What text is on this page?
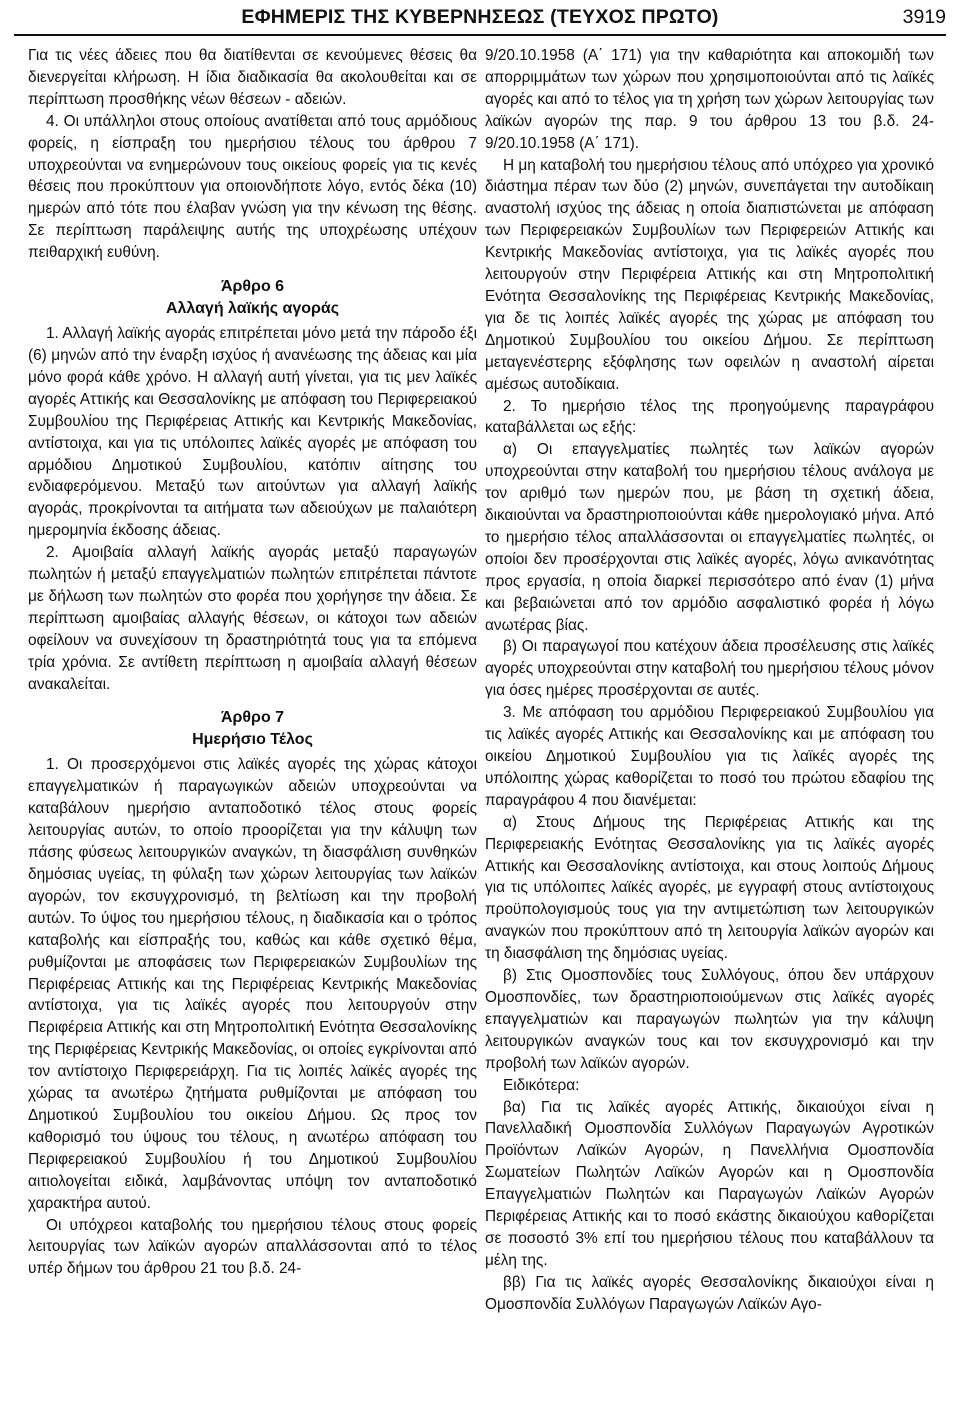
ΕΦΗΜΕΡΙΣ ΤΗΣ ΚΥΒΕΡΝΗΣΕΩΣ (ΤΕΥΧΟΣ ΠΡΩΤΟ)	3919

Για τις νέες άδειες που θα διατίθενται σε κενούμενες θέσεις θα διενεργείται κλήρωση. Η ίδια διαδικασία θα ακολουθείται και σε περίπτωση προσθήκης νέων θέσεων - αδειών.

4. Οι υπάλληλοι στους οποίους ανατίθεται από τους αρμόδιους φορείς, η είσπραξη του ημερήσιου τέλους του άρθρου 7 υποχρεούνται να ενημερώνουν τους οικείους φορείς για τις κενές θέσεις που προκύπτουν για οποιονδήποτε λόγο, εντός δέκα (10) ημερών από τότε που έλαβαν γνώση για την κένωση της θέσης. Σε περίπτωση παράλειψης αυτής της υποχρέωσης υπέχουν πειθαρχική ευθύνη.

Άρθρο 6
Αλλαγή λαϊκής αγοράς

1. Αλλαγή λαϊκής αγοράς επιτρέπεται μόνο μετά την πάροδο έξι (6) μηνών από την έναρξη ισχύος ή ανανέωσης της άδειας και μία μόνο φορά κάθε χρόνο. Η αλλαγή αυτή γίνεται, για τις μεν λαϊκές αγορές Αττικής και Θεσσαλονίκης με απόφαση του Περιφερειακού Συμβουλίου της Περιφέρειας Αττικής και Κεντρικής Μακεδονίας, αντίστοιχα, και για τις υπόλοιπες λαϊκές αγορές με απόφαση του αρμόδιου Δημοτικού Συμβουλίου, κατόπιν αίτησης του ενδιαφερόμενου. Μεταξύ των αιτούντων για αλλαγή λαϊκής αγοράς, προκρίνονται τα αιτήματα των αδειούχων με παλαιότερη ημερομηνία έκδοσης άδειας.

2. Αμοιβαία αλλαγή λαϊκής αγοράς μεταξύ παραγωγών πωλητών ή μεταξύ επαγγελματιών πωλητών επιτρέπεται πάντοτε με δήλωση των πωλητών στο φορέα που χορήγησε την άδεια. Σε περίπτωση αμοιβαίας αλλαγής θέσεων, οι κάτοχοι των αδειών οφείλουν να συνεχίσουν τη δραστηριότητά τους για τα επόμενα τρία χρόνια. Σε αντίθετη περίπτωση η αμοιβαία αλλαγή θέσεων ανακαλείται.

Άρθρο 7
Ημερήσιο Τέλος

1. Οι προσερχόμενοι στις λαϊκές αγορές της χώρας κάτοχοι επαγγελματικών ή παραγωγικών αδειών υποχρεούνται να καταβάλουν ημερήσιο ανταποδοτικό τέλος στους φορείς λειτουργίας αυτών, το οποίο προορίζεται για την κάλυψη των πάσης φύσεως λειτουργικών αναγκών, τη διασφάλιση συνθηκών δημόσιας υγείας, τη φύλαξη των χώρων λειτουργίας των λαϊκών αγορών, τον εκσυγχρονισμό, τη βελτίωση και την προβολή αυτών. Το ύψος του ημερήσιου τέλους, η διαδικασία και ο τρόπος καταβολής και είσπραξής του, καθώς και κάθε σχετικό θέμα, ρυθμίζονται με αποφάσεις των Περιφερειακών Συμβουλίων της Περιφέρειας Αττικής και της Περιφέρειας Κεντρικής Μακεδονίας αντίστοιχα, για τις λαϊκές αγορές που λειτουργούν στην Περιφέρεια Αττικής και στη Μητροπολιτική Ενότητα Θεσσαλονίκης της Περιφέρειας Κεντρικής Μακεδονίας, οι οποίες εγκρίνονται από τον αντίστοιχο Περιφερειάρχη. Για τις λοιπές λαϊκές αγορές της χώρας τα ανωτέρω ζητήματα ρυθμίζονται με απόφαση του Δημοτικού Συμβουλίου του οικείου Δήμου. Ως προς τον καθορισμό του ύψους του τέλους, η ανωτέρω απόφαση του Περιφερειακού Συμβουλίου ή του Δημοτικού Συμβουλίου αιτιολογείται ειδικά, λαμβάνοντας υπόψη τον ανταποδοτικό χαρακτήρα αυτού.

Οι υπόχρεοι καταβολής του ημερήσιου τέλους στους φορείς λειτουργίας των λαϊκών αγορών απαλλάσσονται από το τέλος υπέρ δήμων του άρθρου 21 του β.δ. 24-

9/20.10.1958 (Α΄ 171) για την καθαριότητα και αποκομιδή των απορριμμάτων των χώρων που χρησιμοποιούνται από τις λαϊκές αγορές και από το τέλος για τη χρήση των χώρων λειτουργίας των λαϊκών αγορών της παρ. 9 του άρθρου 13 του β.δ. 24-9/20.10.1958 (Α΄ 171).

Η μη καταβολή του ημερήσιου τέλους από υπόχρεο για χρονικό διάστημα πέραν των δύο (2) μηνών, συνεπάγεται την αυτοδίκαιη αναστολή ισχύος της άδειας η οποία διαπιστώνεται με απόφαση των Περιφερειακών Συμβουλίων των Περιφερειών Αττικής και Κεντρικής Μακεδονίας αντίστοιχα, για τις λαϊκές αγορές που λειτουργούν στην Περιφέρεια Αττικής και στη Μητροπολιτική Ενότητα Θεσσαλονίκης της Περιφέρειας Κεντρικής Μακεδονίας, για δε τις λοιπές λαϊκές αγορές της χώρας με απόφαση του Δημοτικού Συμβουλίου του οικείου Δήμου. Σε περίπτωση μεταγενέστερης εξόφλησης των οφειλών η αναστολή αίρεται αμέσως αυτοδίκαια.

2. Το ημερήσιο τέλος της προηγούμενης παραγράφου καταβάλλεται ως εξής:

α) Οι επαγγελματίες πωλητές των λαϊκών αγορών υποχρεούνται στην καταβολή του ημερήσιου τέλους ανάλογα με τον αριθμό των ημερών που, με βάση τη σχετική άδεια, δικαιούνται να δραστηριοποιούνται κάθε ημερολογιακό μήνα. Από το ημερήσιο τέλος απαλλάσσονται οι επαγγελματίες πωλητές, οι οποίοι δεν προσέρχονται στις λαϊκές αγορές, λόγω ανικανότητας προς εργασία, η οποία διαρκεί περισσότερο από έναν (1) μήνα και βεβαιώνεται από τον αρμόδιο ασφαλιστικό φορέα ή λόγω ανωτέρας βίας.

β) Οι παραγωγοί που κατέχουν άδεια προσέλευσης στις λαϊκές αγορές υποχρεούνται στην καταβολή του ημερήσιου τέλους μόνον για όσες ημέρες προσέρχονται σε αυτές.

3. Με απόφαση του αρμόδιου Περιφερειακού Συμβουλίου για τις λαϊκές αγορές Αττικής και Θεσσαλονίκης και με απόφαση του οικείου Δημοτικού Συμβουλίου για τις λαϊκές αγορές της υπόλοιπης χώρας καθορίζεται το ποσό του πρώτου εδαφίου της παραγράφου 4 που διανέμεται:

α) Στους Δήμους της Περιφέρειας Αττικής και της Περιφερειακής Ενότητας Θεσσαλονίκης για τις λαϊκές αγορές Αττικής και Θεσσαλονίκης αντίστοιχα, και στους λοιπούς Δήμους για τις υπόλοιπες λαϊκές αγορές, με εγγραφή στους αντίστοιχους προϋπολογισμούς τους για την αντιμετώπιση των λειτουργικών αναγκών που προκύπτουν από τη λειτουργία λαϊκών αγορών και τη διασφάλιση της δημόσιας υγείας.

β) Στις Ομοσπονδίες τους Συλλόγους, όπου δεν υπάρχουν Ομοσπονδίες, των δραστηριοποιούμενων στις λαϊκές αγορές επαγγελματιών και παραγωγών πωλητών για την κάλυψη λειτουργικών αναγκών τους και τον εκσυγχρονισμό και την προβολή των λαϊκών αγορών.

Ειδικότερα:

βα) Για τις λαϊκές αγορές Αττικής, δικαιούχοι είναι η Πανελλαδική Ομοσπονδία Συλλόγων Παραγωγών Αγροτικών Προϊόντων Λαϊκών Αγορών, η Πανελλήνια Ομοσπονδία Σωματείων Πωλητών Λαϊκών Αγορών και η Ομοσπονδία Επαγγελματιών Πωλητών και Παραγωγών Λαϊκών Αγορών Περιφέρειας Αττικής και το ποσό εκάστης δικαιούχου καθορίζεται σε ποσοστό 3% επί του ημερήσιου τέλους που καταβάλλουν τα μέλη της.

ββ) Για τις λαϊκές αγορές Θεσσαλονίκης δικαιούχοι είναι η Ομοσπονδία Συλλόγων Παραγωγών Λαϊκών Αγο-
